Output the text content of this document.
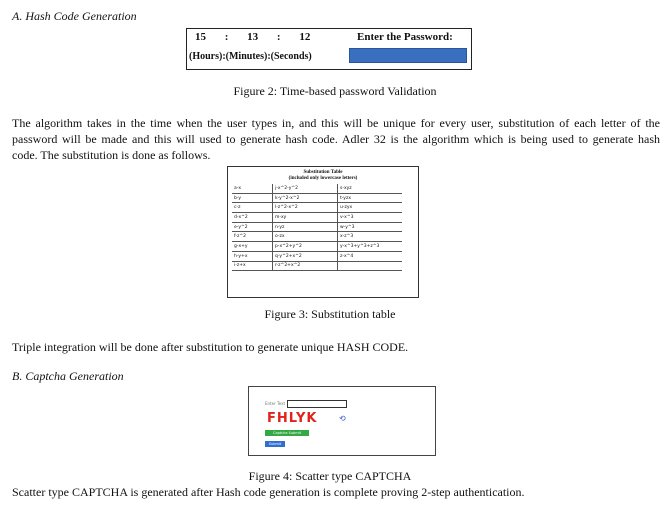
A. Hash Code Generation
15 : 13 : 12
(Hours):(Minutes):(Seconds)
Enter the Password:
Figure 2: Time-based password Validation
The algorithm takes in the time when the user types in, and this will be unique for every user, substitution of each letter of the
password will be made and this will used to generate hash code. Adler 32 is the algorithm which is being used to generate hash
code. The substitution is done as follows.
Substitution Table
(included only lowercase letters)
a-x	j-x^2-y^2	s-xyz
b-y	k-y^2-x^2	t-yzx
c-z	l-z^2-x^2	u-zyx
d-x^2	m-xy	v-x^3
e-y^2	n-yz	w-y^3
f-z^2	o-zx	x-z^3
g-x+y	p-x^2+y^2	y-x^3+y^3+z^3
h-y+x	q-y^2+x^2	z-x^4
i-z+x	r-z^2+x^2	
Figure 3: Substitution table
Triple integration will be done after substitution to generate unique HASH CODE.
B. Captcha Generation
Enter Text
FHLYK	⟲
Captcha Submit
Submit
Figure 4: Scatter type CAPTCHA
Scatter type CAPTCHA is generated after Hash code generation is complete proving 2-step authentication.
